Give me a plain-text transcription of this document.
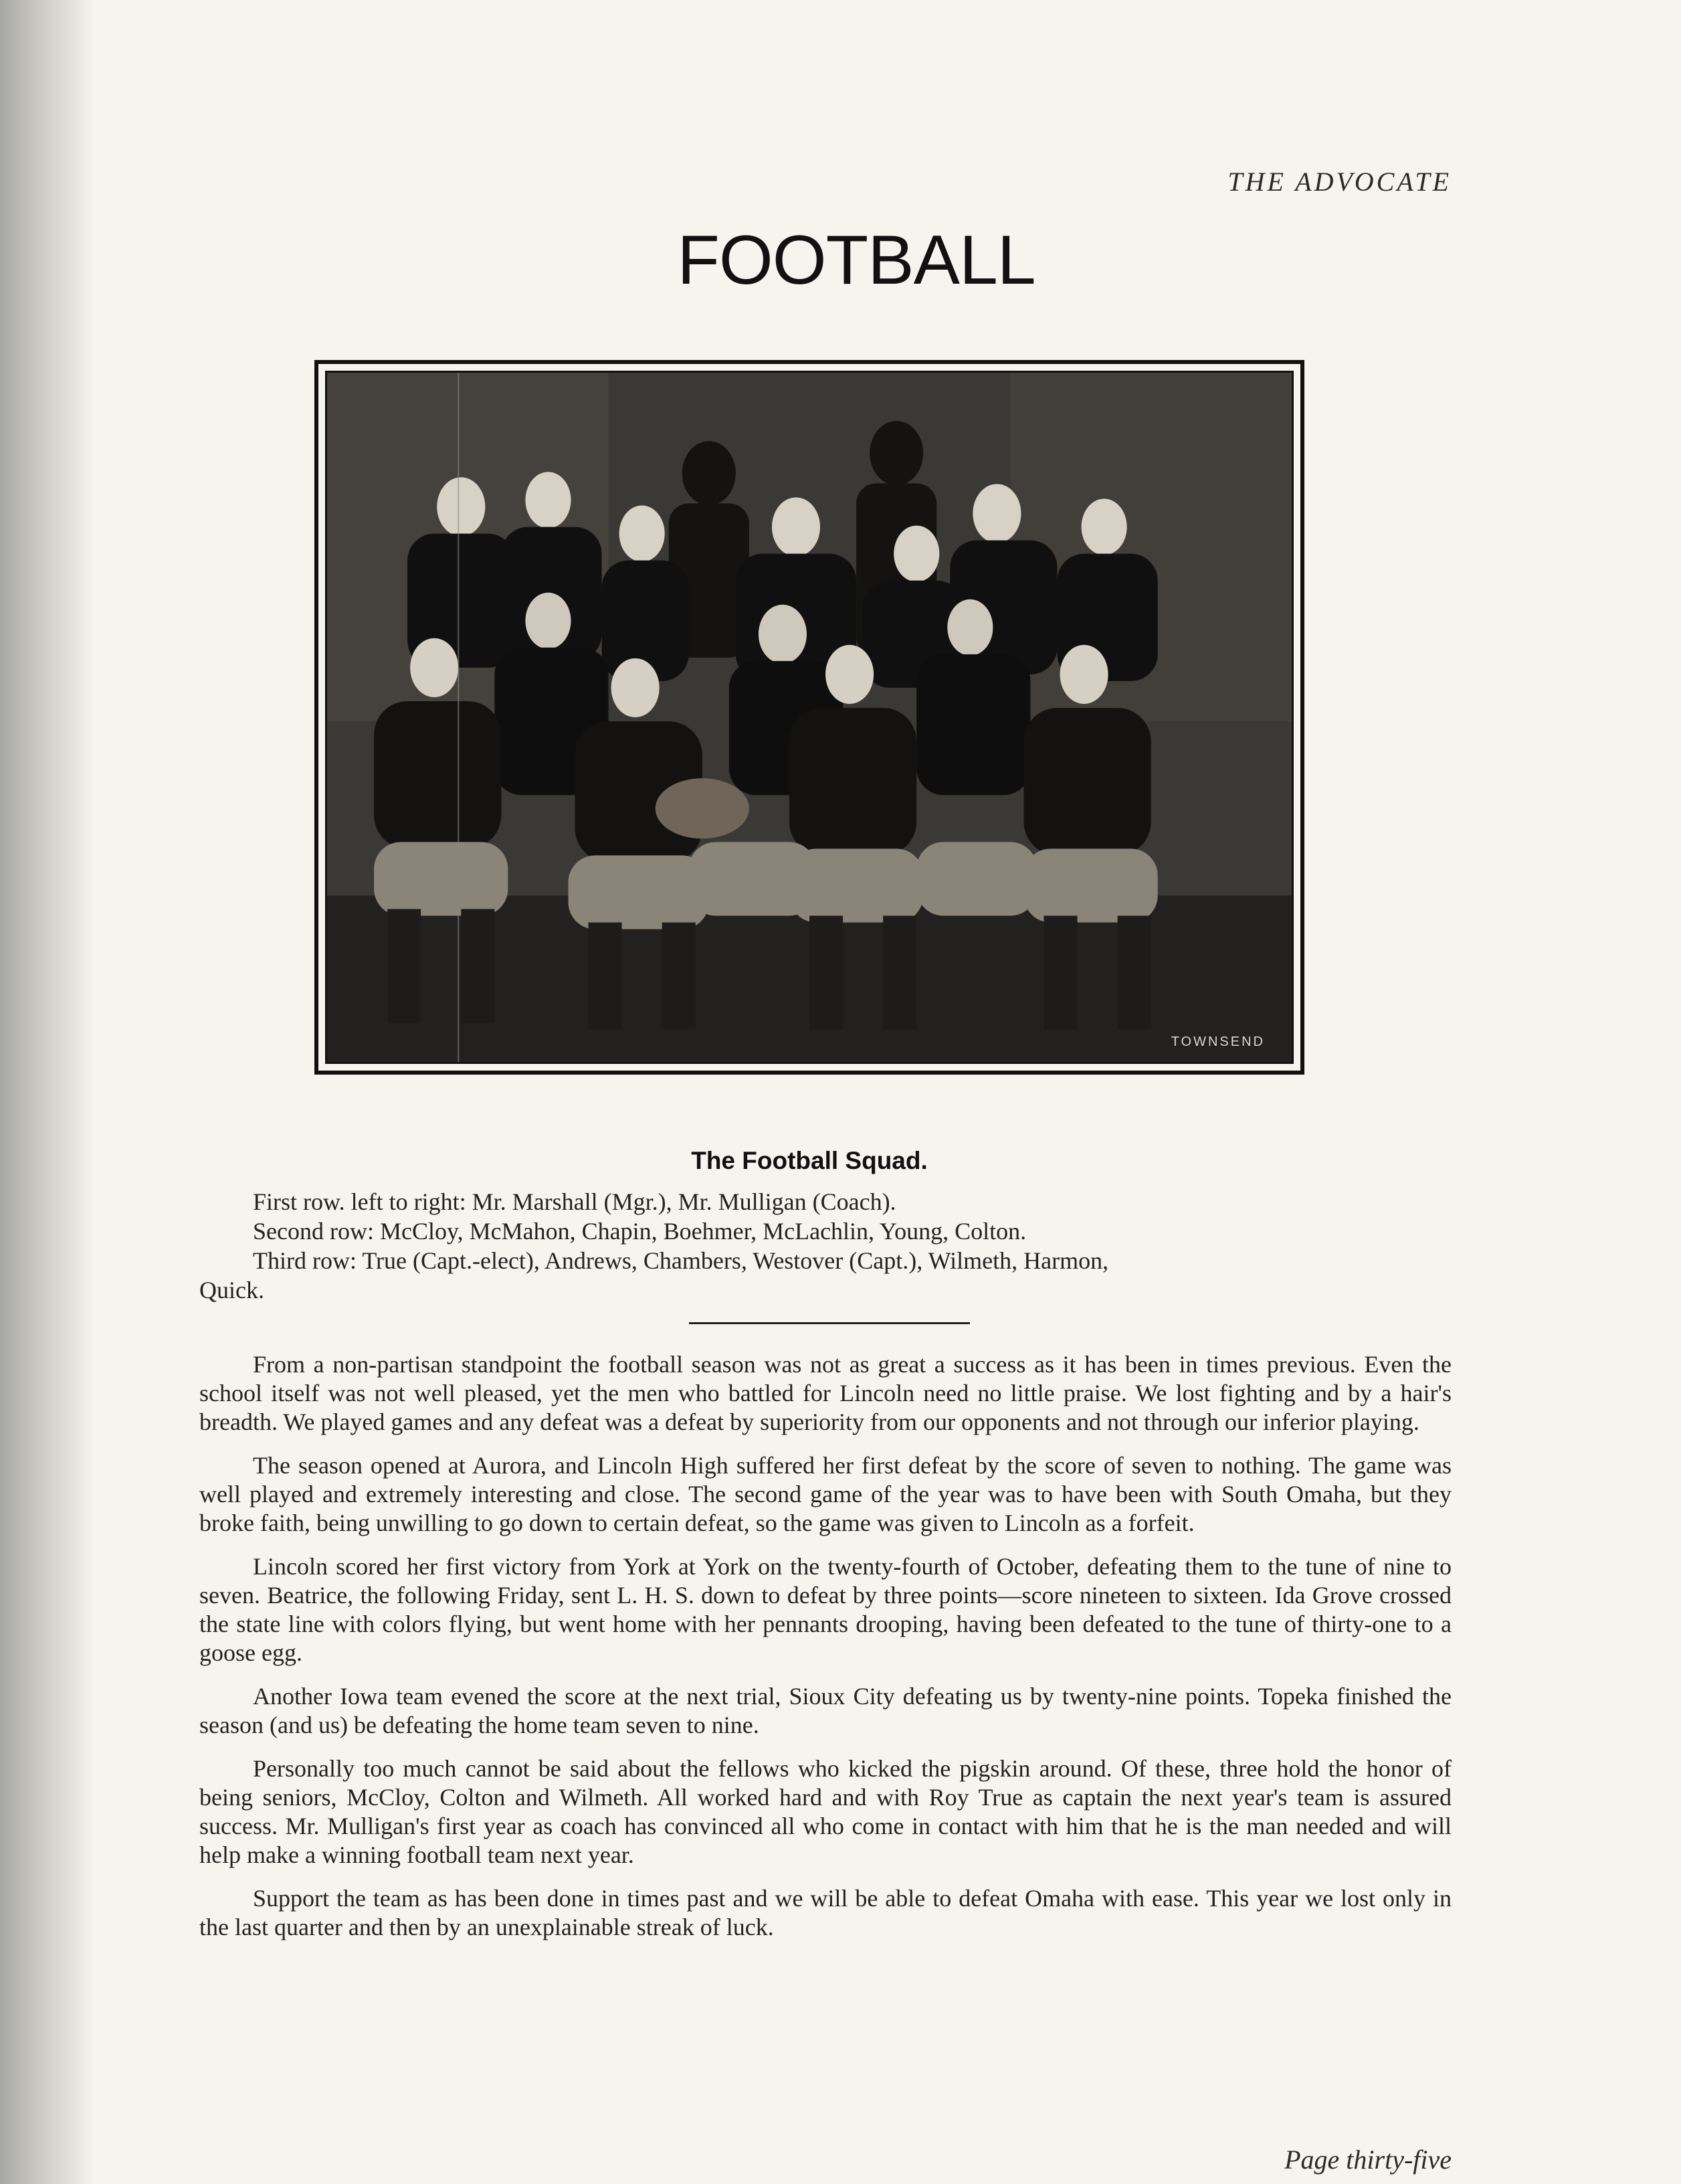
THE ADVOCATE
FOOTBALL
TOWNSEND
The Football Squad.
First row. left to right: Mr. Marshall (Mgr.), Mr. Mulligan (Coach).
Second row: McCloy, McMahon, Chapin, Boehmer, McLachlin, Young, Colton.
Third row: True (Capt.-elect), Andrews, Chambers, Westover (Capt.), Wilmeth, Harmon,
Quick.

From a non-partisan standpoint the football season was not as great a success as it has been in times previous. Even the school itself was not well pleased, yet the men who battled for Lincoln need no little praise. We lost fighting and by a hair's breadth. We played games and any defeat was a defeat by superiority from our opponents and not through our inferior playing.

The season opened at Aurora, and Lincoln High suffered her first defeat by the score of seven to nothing. The game was well played and extremely interesting and close. The second game of the year was to have been with South Omaha, but they broke faith, being unwilling to go down to certain defeat, so the game was given to Lincoln as a forfeit.

Lincoln scored her first victory from York at York on the twenty-fourth of October, defeating them to the tune of nine to seven. Beatrice, the following Friday, sent L. H. S. down to defeat by three points—score nineteen to sixteen. Ida Grove crossed the state line with colors flying, but went home with her pennants drooping, having been defeated to the tune of thirty-one to a goose egg.

Another Iowa team evened the score at the next trial, Sioux City defeating us by twenty-nine points. Topeka finished the season (and us) be defeating the home team seven to nine.

Personally too much cannot be said about the fellows who kicked the pigskin around. Of these, three hold the honor of being seniors, McCloy, Colton and Wilmeth. All worked hard and with Roy True as captain the next year's team is assured success. Mr. Mulligan's first year as coach has convinced all who come in contact with him that he is the man needed and will help make a winning football team next year.

Support the team as has been done in times past and we will be able to defeat Omaha with ease. This year we lost only in the last quarter and then by an unexplainable streak of luck.

Page thirty-five
